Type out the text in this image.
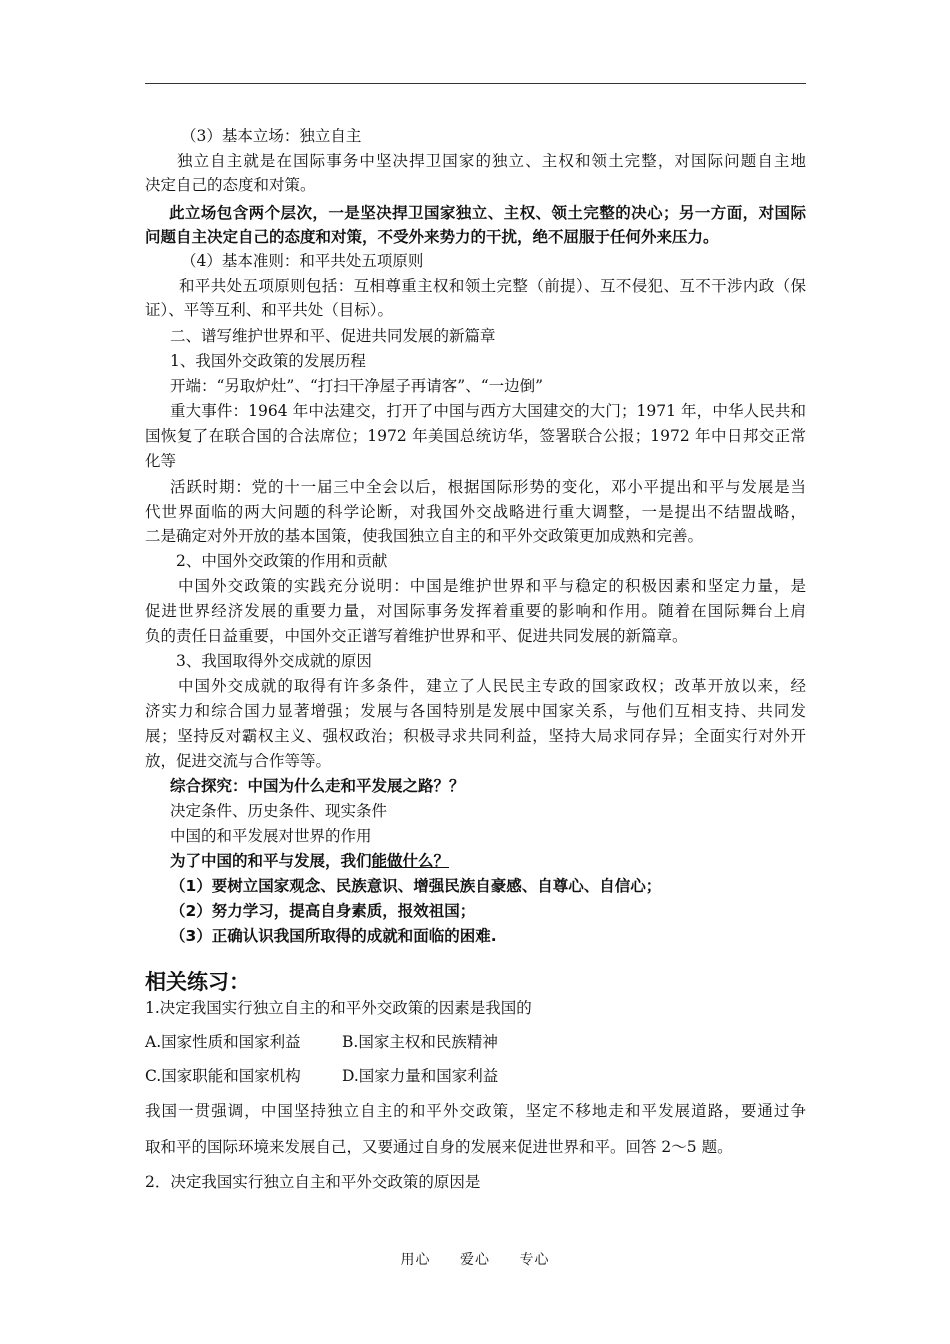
（3）基本立场：独立自主
独立自主就是在国际事务中坚决捍卫国家的独立、主权和领土完整，对国际问题自主地
决定自己的态度和对策。
此立场包含两个层次，一是坚决捍卫国家独立、主权、领土完整的决心；另一方面，对国际
问题自主决定自己的态度和对策，不受外来势力的干扰，绝不屈服于任何外来压力。
（4）基本准则：和平共处五项原则
和平共处五项原则包括：互相尊重主权和领土完整（前提）、互不侵犯、互不干涉内政（保
证）、平等互利、和平共处（目标）。
二、谱写维护世界和平、促进共同发展的新篇章
1、我国外交政策的发展历程
开端：“另取炉灶”、“打扫干净屋子再请客”、“一边倒”
重大事件：1964 年中法建交，打开了中国与西方大国建交的大门；1971 年，中华人民共和
国恢复了在联合国的合法席位；1972 年美国总统访华，签署联合公报；1972 年中日邦交正常
化等
活跃时期：党的十一届三中全会以后，根据国际形势的变化，邓小平提出和平与发展是当
代世界面临的两大问题的科学论断，对我国外交战略进行重大调整，一是提出不结盟战略，
二是确定对外开放的基本国策，使我国独立自主的和平外交政策更加成熟和完善。
2、中国外交政策的作用和贡献
中国外交政策的实践充分说明：中国是维护世界和平与稳定的积极因素和坚定力量，是
促进世界经济发展的重要力量，对国际事务发挥着重要的影响和作用。随着在国际舞台上肩
负的责任日益重要，中国外交正谱写着维护世界和平、促进共同发展的新篇章。
3、我国取得外交成就的原因
中国外交成就的取得有许多条件，建立了人民民主专政的国家政权；改革开放以来，经
济实力和综合国力显著增强；发展与各国特别是发展中国家关系，与他们互相支持、共同发
展；坚持反对霸权主义、强权政治；积极寻求共同利益，坚持大局求同存异；全面实行对外开
放，促进交流与合作等等。
综合探究：中国为什么走和平发展之路？？
决定条件、历史条件、现实条件
中国的和平发展对世界的作用
为了中国的和平与发展，我们能做什么？
（1）要树立国家观念、民族意识、增强民族自豪感、自尊心、自信心；
（2）努力学习，提高自身素质，报效祖国；
（3）正确认识我国所取得的成就和面临的困难.
相关练习：
1.决定我国实行独立自主的和平外交政策的因素是我国的
A.国家性质和国家利益	B.国家主权和民族精神
C.国家职能和国家机构	D.国家力量和国家利益
我国一贯强调，中国坚持独立自主的和平外交政策，坚定不移地走和平发展道路，要通过争
取和平的国际环境来发展自己，又要通过自身的发展来促进世界和平。回答 2～5 题。
2．决定我国实行独立自主和平外交政策的原因是
用心 爱心 专心
